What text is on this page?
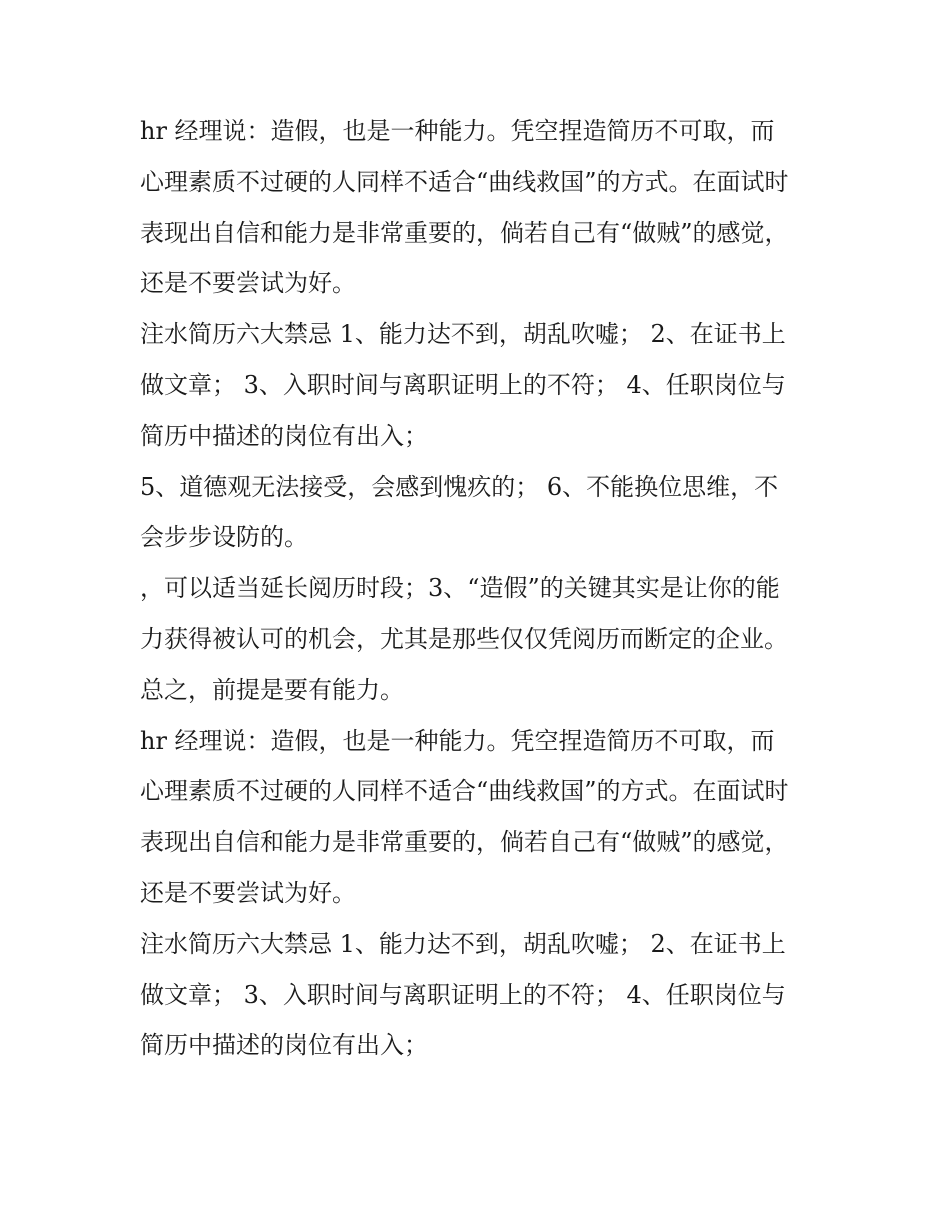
hr 经理说：造假，也是一种能力。凭空捏造简历不可取，而
心理素质不过硬的人同样不适合“曲线救国”的方式。在面试时
表现出自信和能力是非常重要的，倘若自己有“做贼”的感觉，
还是不要尝试为好。
注水简历六大禁忌 1、能力达不到，胡乱吹嘘； 2、在证书上
做文章； 3、入职时间与离职证明上的不符； 4、任职岗位与
简历中描述的岗位有出入；
5、道德观无法接受，会感到愧疚的； 6、不能换位思维，不
会步步设防的。
，可以适当延长阅历时段；3、“造假”的关键其实是让你的能
力获得被认可的机会，尤其是那些仅仅凭阅历而断定的企业。
总之，前提是要有能力。
hr 经理说：造假，也是一种能力。凭空捏造简历不可取，而
心理素质不过硬的人同样不适合“曲线救国”的方式。在面试时
表现出自信和能力是非常重要的，倘若自己有“做贼”的感觉，
还是不要尝试为好。
注水简历六大禁忌 1、能力达不到，胡乱吹嘘； 2、在证书上
做文章； 3、入职时间与离职证明上的不符； 4、任职岗位与
简历中描述的岗位有出入；
